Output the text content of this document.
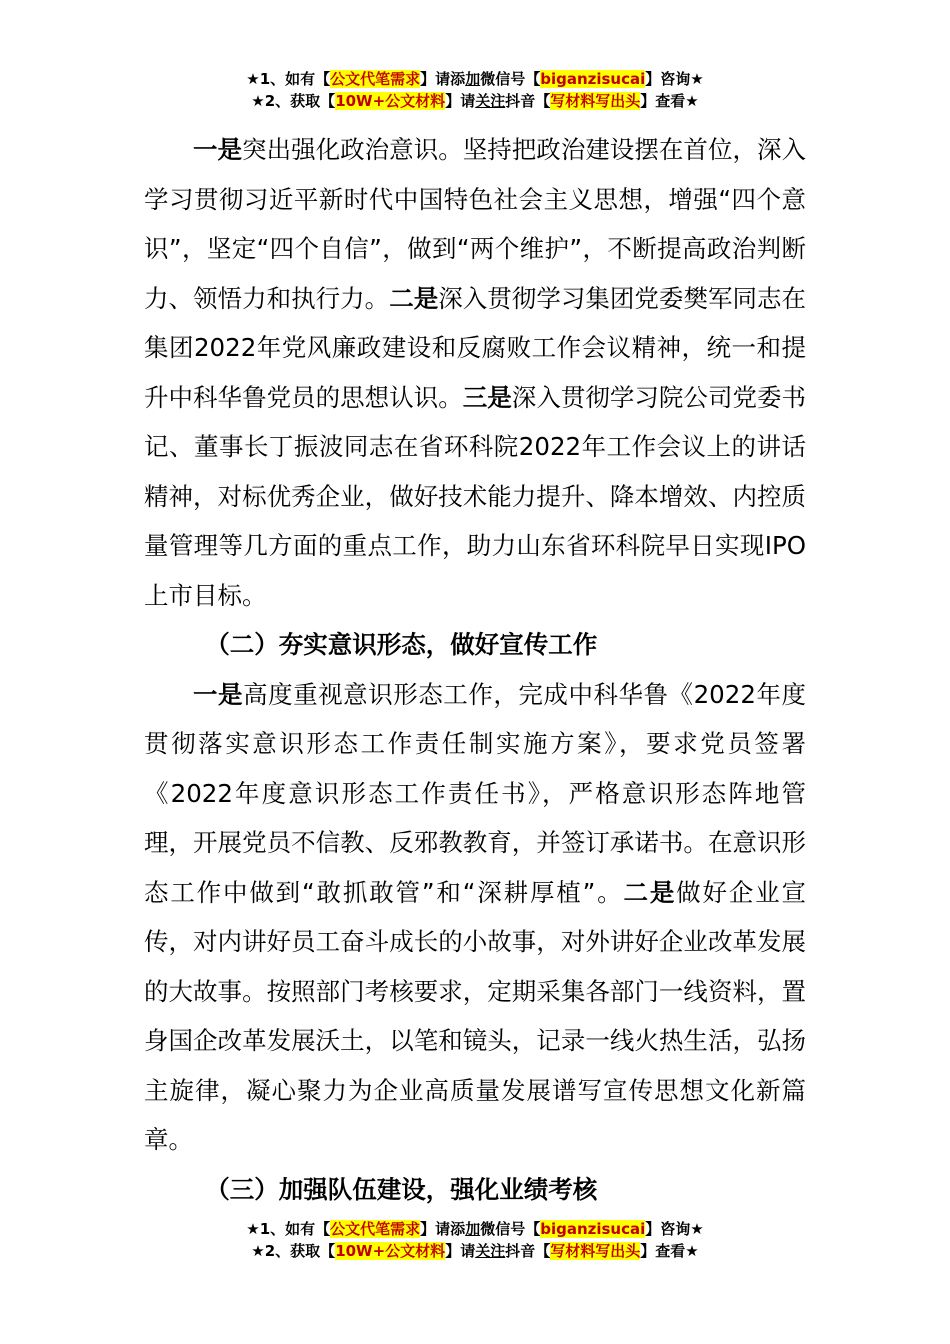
★1、如有【公文代笔需求】请添加微信号【biganzisucai】咨询★
★2、获取【10W+公文材料】请关注抖音【写材料写出头】查看★

一是突出强化政治意识。坚持把政治建设摆在首位，深入学习贯彻习近平新时代中国特色社会主义思想，增强“四个意识”，坚定“四个自信”，做到“两个维护”，不断提高政治判断力、领悟力和执行力。二是深入贯彻学习集团党委樊军同志在集团2022年党风廉政建设和反腐败工作会议精神，统一和提升中科华鲁党员的思想认识。三是深入贯彻学习院公司党委书记、董事长丁振波同志在省环科院2022年工作会议上的讲话精神，对标优秀企业，做好技术能力提升、降本增效、内控质量管理等几方面的重点工作，助力山东省环科院早日实现IPO上市目标。

（二）夯实意识形态，做好宣传工作

一是高度重视意识形态工作，完成中科华鲁《2022年度贯彻落实意识形态工作责任制实施方案》，要求党员签署《2022年度意识形态工作责任书》，严格意识形态阵地管理，开展党员不信教、反邪教教育，并签订承诺书。在意识形态工作中做到“敢抓敢管”和“深耕厚植”。二是做好企业宣传，对内讲好员工奋斗成长的小故事，对外讲好企业改革发展的大故事。按照部门考核要求，定期采集各部门一线资料，置身国企改革发展沃土，以笔和镜头，记录一线火热生活，弘扬主旋律，凝心聚力为企业高质量发展谱写宣传思想文化新篇章。

（三）加强队伍建设，强化业绩考核

★1、如有【公文代笔需求】请添加微信号【biganzisucai】咨询★
★2、获取【10W+公文材料】请关注抖音【写材料写出头】查看★
